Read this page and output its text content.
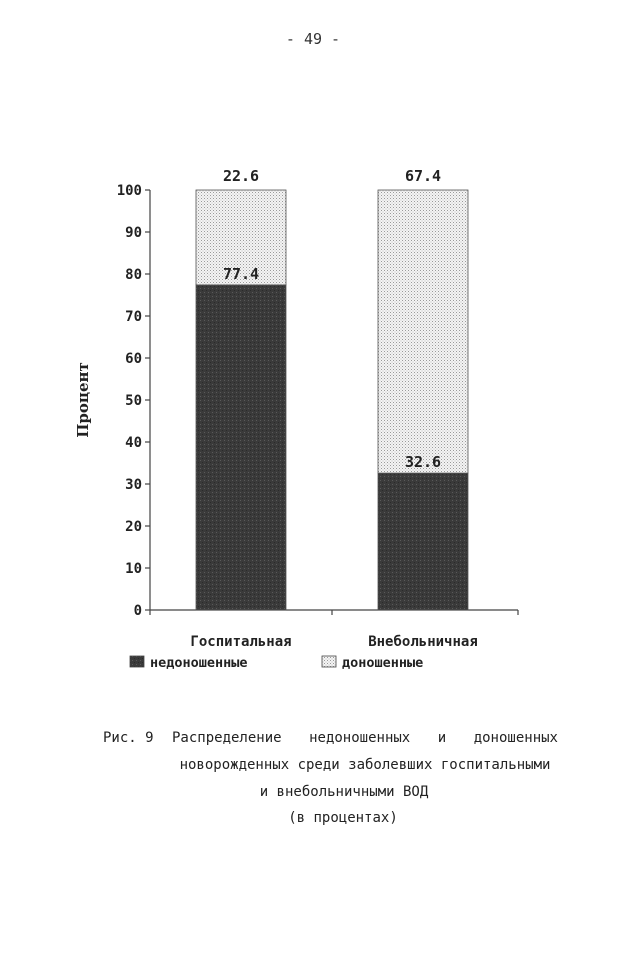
- 49 -
0
10
20
30
40
50
60
70
80
90
100
Процент
22.6
77.4
Госпитальная
67.4
32.6
Внебольничная
недоношенные	доношенные
Рис. 9 Распределение недоношенных и доношенных
новорожденных среди заболевших госпитальными
и внебольничными ВОД
(в процентах)
